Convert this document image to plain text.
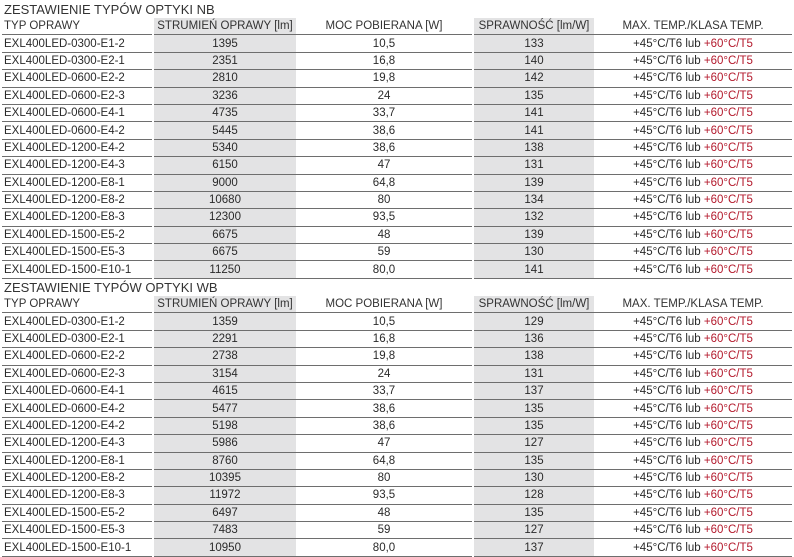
ZESTAWIENIE TYPÓW OPTYKI NB
TYP OPRAWY	STRUMIEŃ OPRAWY [lm]	MOC POBIERANA [W]	SPRAWNOŚĆ [lm/W]	MAX. TEMP./KLASA TEMP.
EXL400LED-0300-E1-2	1395	10,5	133	+45°C/T6 lub +60°C/T5
EXL400LED-0300-E2-1	2351	16,8	140	+45°C/T6 lub +60°C/T5
EXL400LED-0600-E2-2	2810	19,8	142	+45°C/T6 lub +60°C/T5
EXL400LED-0600-E2-3	3236	24	135	+45°C/T6 lub +60°C/T5
EXL400LED-0600-E4-1	4735	33,7	141	+45°C/T6 lub +60°C/T5
EXL400LED-0600-E4-2	5445	38,6	141	+45°C/T6 lub +60°C/T5
EXL400LED-1200-E4-2	5340	38,6	138	+45°C/T6 lub +60°C/T5
EXL400LED-1200-E4-3	6150	47	131	+45°C/T6 lub +60°C/T5
EXL400LED-1200-E8-1	9000	64,8	139	+45°C/T6 lub +60°C/T5
EXL400LED-1200-E8-2	10680	80	134	+45°C/T6 lub +60°C/T5
EXL400LED-1200-E8-3	12300	93,5	132	+45°C/T6 lub +60°C/T5
EXL400LED-1500-E5-2	6675	48	139	+45°C/T6 lub +60°C/T5
EXL400LED-1500-E5-3	6675	59	130	+45°C/T6 lub +60°C/T5
EXL400LED-1500-E10-1	11250	80,0	141	+45°C/T6 lub +60°C/T5
ZESTAWIENIE TYPÓW OPTYKI WB
TYP OPRAWY	STRUMIEŃ OPRAWY [lm]	MOC POBIERANA [W]	SPRAWNOŚĆ [lm/W]	MAX. TEMP./KLASA TEMP.
EXL400LED-0300-E1-2	1359	10,5	129	+45°C/T6 lub +60°C/T5
EXL400LED-0300-E2-1	2291	16,8	136	+45°C/T6 lub +60°C/T5
EXL400LED-0600-E2-2	2738	19,8	138	+45°C/T6 lub +60°C/T5
EXL400LED-0600-E2-3	3154	24	131	+45°C/T6 lub +60°C/T5
EXL400LED-0600-E4-1	4615	33,7	137	+45°C/T6 lub +60°C/T5
EXL400LED-0600-E4-2	5477	38,6	135	+45°C/T6 lub +60°C/T5
EXL400LED-1200-E4-2	5198	38,6	135	+45°C/T6 lub +60°C/T5
EXL400LED-1200-E4-3	5986	47	127	+45°C/T6 lub +60°C/T5
EXL400LED-1200-E8-1	8760	64,8	135	+45°C/T6 lub +60°C/T5
EXL400LED-1200-E8-2	10395	80	130	+45°C/T6 lub +60°C/T5
EXL400LED-1200-E8-3	11972	93,5	128	+45°C/T6 lub +60°C/T5
EXL400LED-1500-E5-2	6497	48	135	+45°C/T6 lub +60°C/T5
EXL400LED-1500-E5-3	7483	59	127	+45°C/T6 lub +60°C/T5
EXL400LED-1500-E10-1	10950	80,0	137	+45°C/T6 lub +60°C/T5
